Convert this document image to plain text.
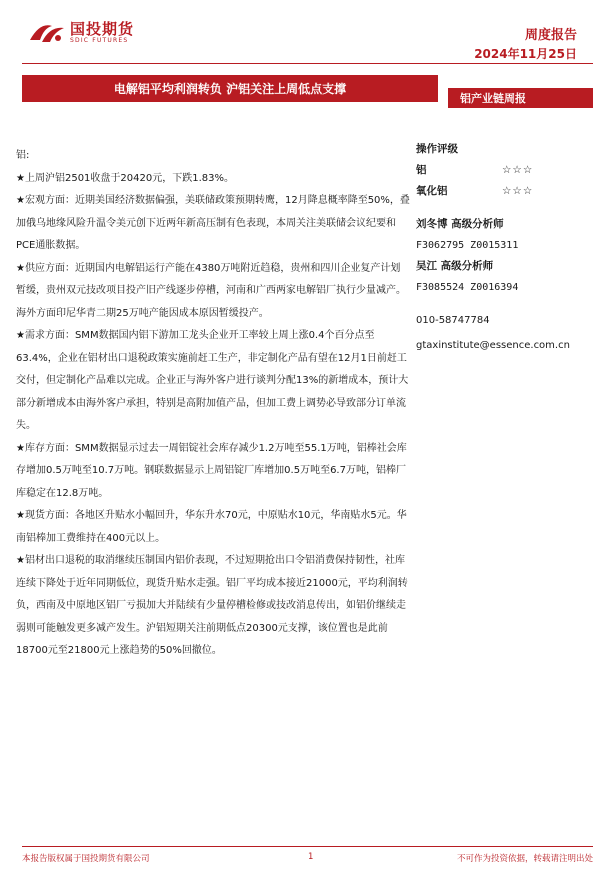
国投期货
SDIC FUTURES	周度报告
2024年11月25日
电解铝平均利润转负 沪铝关注上周低点支撑
铝产业链周报

铝:

★上周沪铝2501收盘于20420元，下跌1.83%。

★宏观方面：近期美国经济数据偏强，美联储政策预期转鹰，12月降息概率降至50%，叠加俄乌地缘风险升温令美元创下近两年新高压制有色表现，本周关注美联储会议纪要和PCE通胀数据。

★供应方面：近期国内电解铝运行产能在4380万吨附近趋稳，贵州和四川企业复产计划暂缓，贵州双元技改项目投产旧产线逐步停槽，河南和广西两家电解铝厂执行少量减产。海外方面印尼华青二期25万吨产能因成本原因暂缓投产。

★需求方面：SMM数据国内铝下游加工龙头企业开工率较上周上涨0.4个百分点至63.4%，企业在铝材出口退税政策实施前赶工生产，非定制化产品有望在12月1日前赶工交付，但定制化产品难以完成。企业正与海外客户进行谈判分配13%的新增成本，预计大部分新增成本由海外客户承担，特别是高附加值产品，但加工费上调势必导致部分订单流失。

★库存方面：SMM数据显示过去一周铝锭社会库存减少1.2万吨至55.1万吨，铝棒社会库存增加0.5万吨至10.7万吨。钢联数据显示上周铝锭厂库增加0.5万吨至6.7万吨，铝棒厂库稳定在12.8万吨。

★现货方面：各地区升贴水小幅回升，华东升水70元，中原贴水10元，华南贴水5元。华南铝棒加工费维持在400元以上。

★铝材出口退税的取消继续压制国内铝价表现，不过短期抢出口令铝消费保持韧性，社库连续下降处于近年同期低位，现货升贴水走强。铝厂平均成本接近21000元，平均利润转负，西南及中原地区铝厂亏损加大并陆续有少量停槽检修或技改消息传出，如铝价继续走弱则可能触发更多减产发生。沪铝短期关注前期低点20300元支撑，该位置也是此前18700元至21800元上涨趋势的50%回撤位。

操作评级
铝	☆☆☆
氧化铝	☆☆☆
刘冬博 高级分析师
F3062795 Z0015311
吴江 高级分析师
F3085524 Z0016394
010-58747784
gtaxinstitute@essence.com.cn
本报告版权属于国投期货有限公司	1	不可作为投资依据，转载请注明出处
